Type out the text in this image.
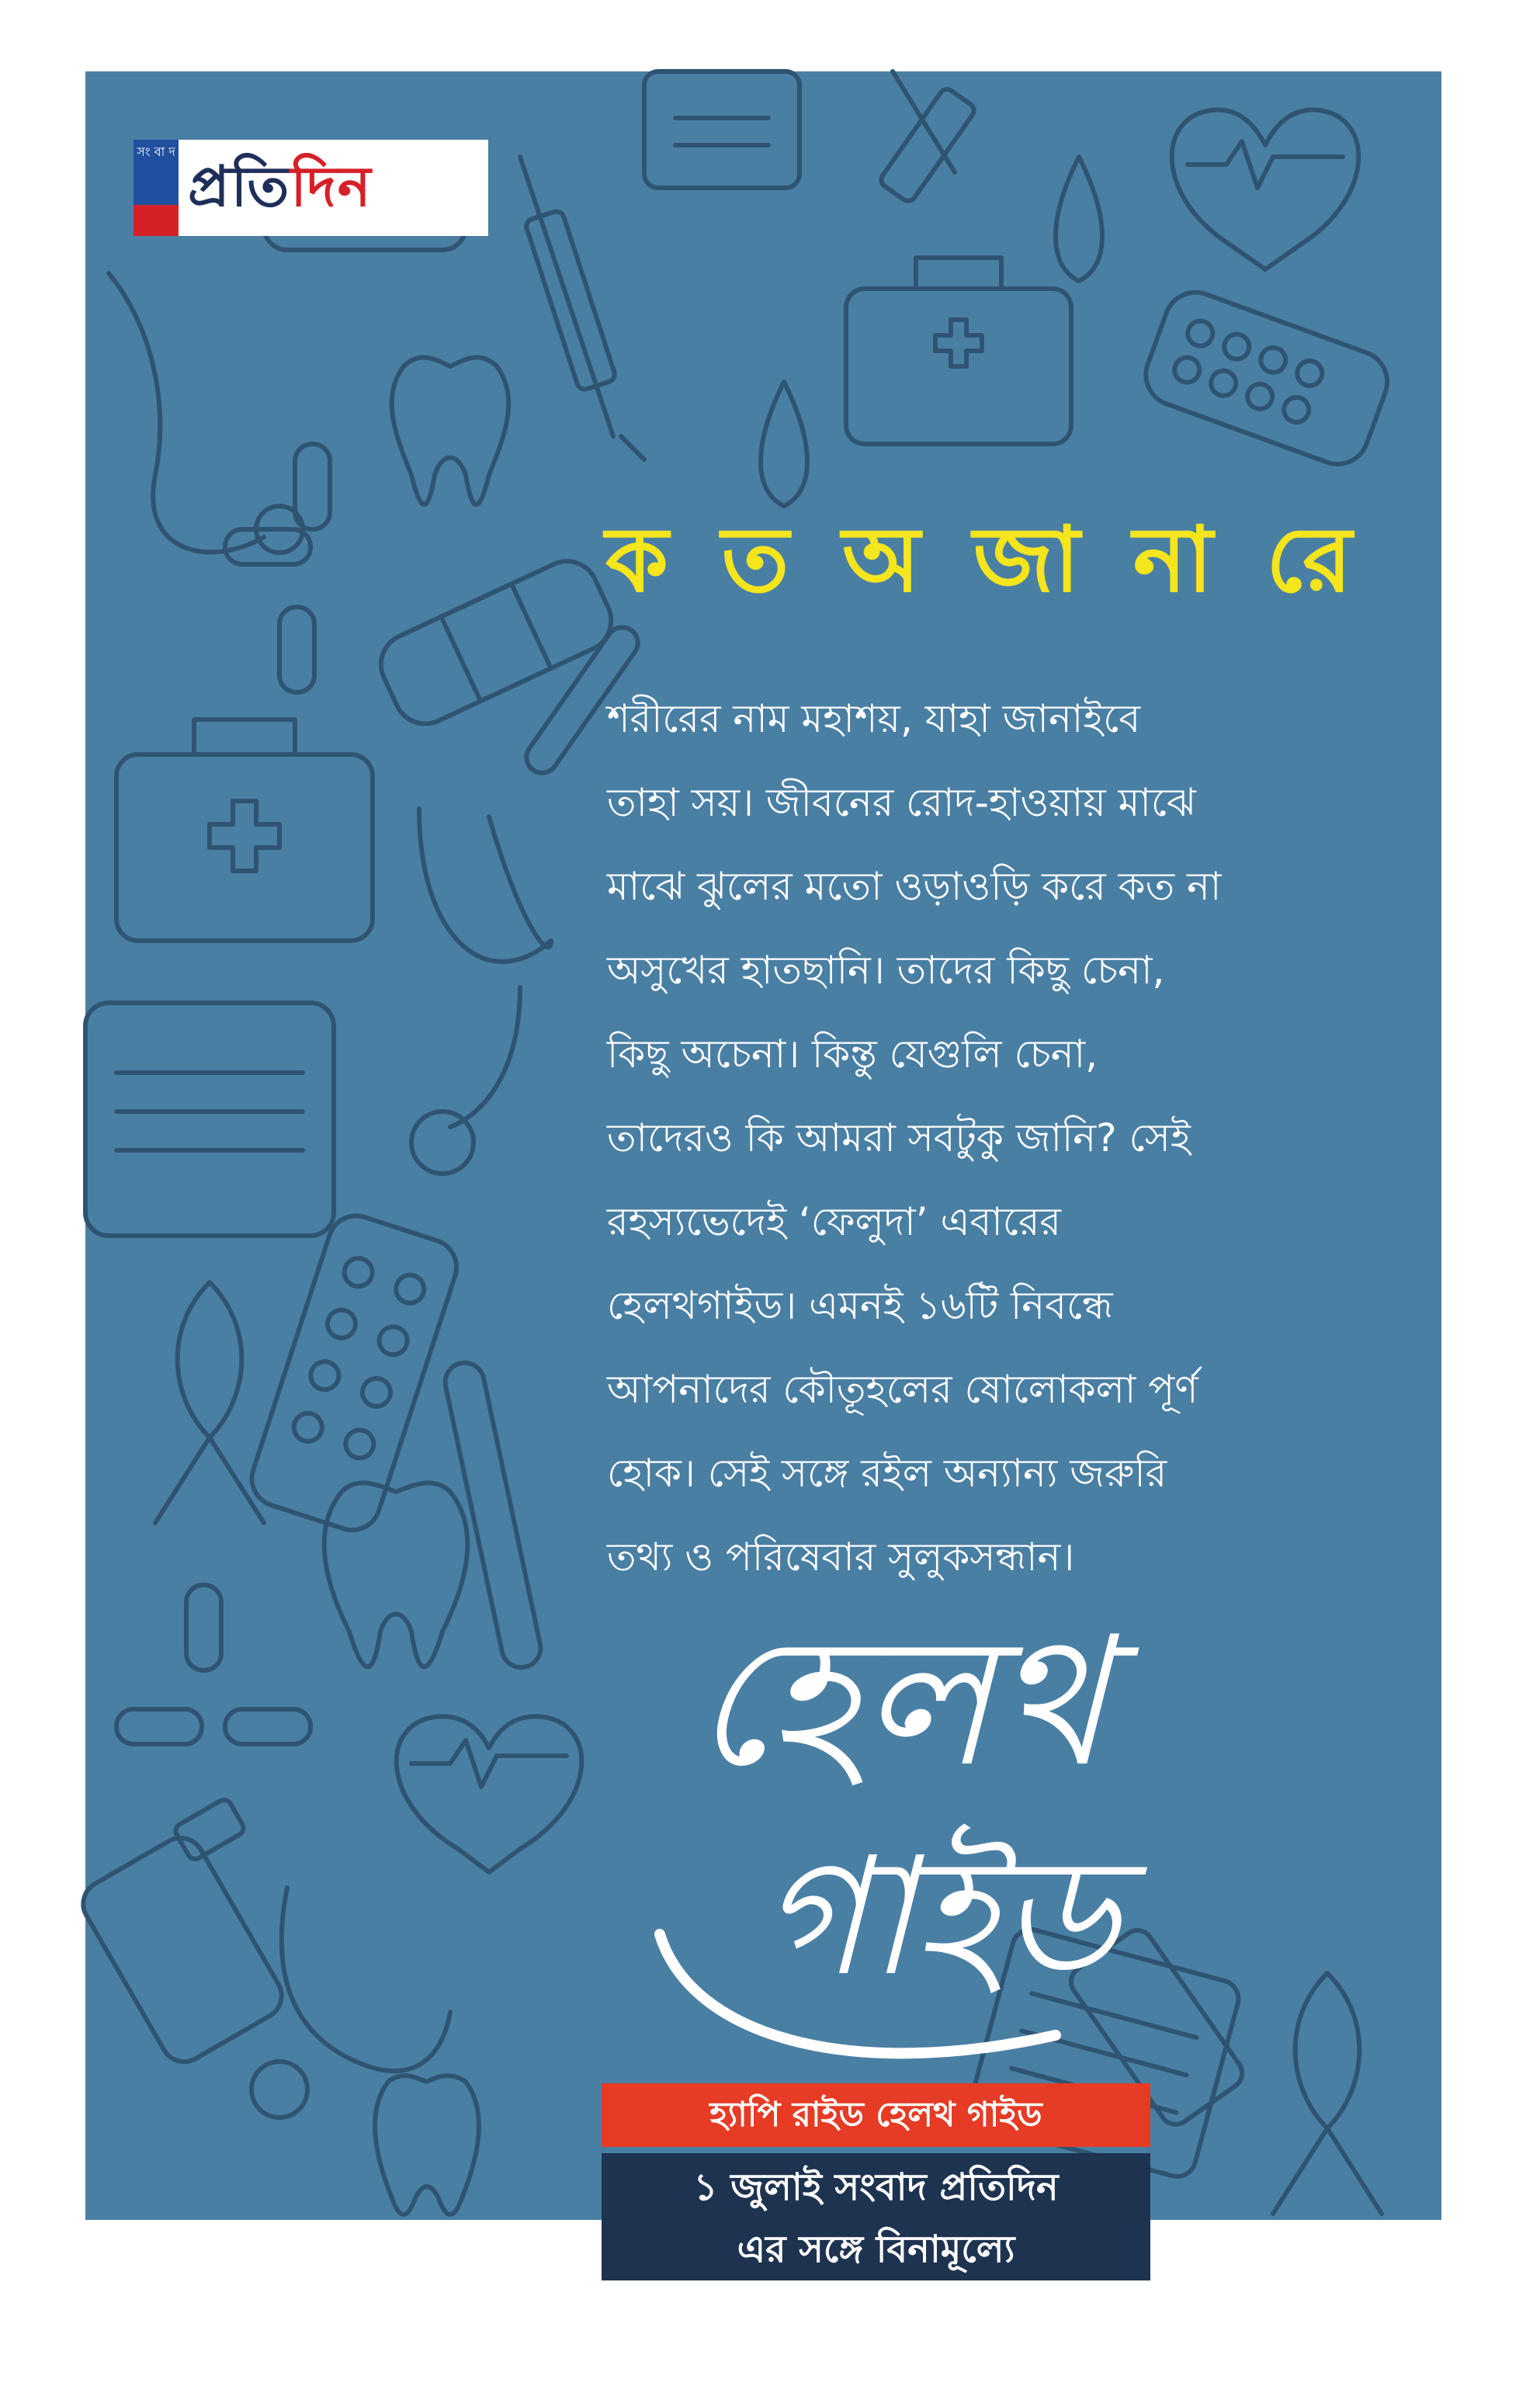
সং বা দ
প্রতিদিন
ক ত অ জা না রে
শরীরের নাম মহাশয়, যাহা জানাইবে
তাহা সয়। জীবনের রোদ-হাওয়ায় মাঝে
মাঝে ঝুলের মতো ওড়াওড়ি করে কত না
অসুখের হাতছানি। তাদের কিছু চেনা,
কিছু অচেনা। কিন্তু যেগুলি চেনা,
তাদেরও কি আমরা সবটুকু জানি? সেই
রহস্যভেদেই ‘ফেলুদা’ এবারের
হেলথগাইড। এমনই ১৬টি নিবন্ধে
আপনাদের কৌতূহলের ষোলোকলা পূর্ণ
হোক। সেই সঙ্গে রইল অন্যান্য জরুরি
তথ্য ও পরিষেবার সুলুকসন্ধান।
হেলথ
গাইড
হ্যাপি রাইড হেলথ গাইড
১ জুলাই সংবাদ প্রতিদিন
এর সঙ্গে বিনামূল্যে
